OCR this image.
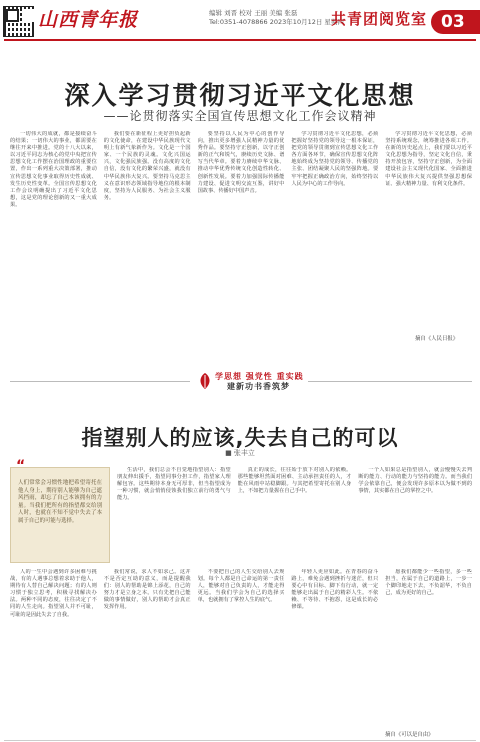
山西青年报	编辑 刘晋 校对 王丽 美编 张磊
Tel:0351-4078866 2023年10月12日 星期四
共青团阅览室 03
深入学习贯彻习近平文化思想
——论贯彻落实全国宣传思想文化工作会议精神
一切伟大的成就，都是接续奋斗的结果；一切伟大的事业，都需要在继往开来中推进。党的十八大以来，以习近平同志为核心的党中央把宣传思想文化工作摆在治国理政的重要位置，作出一系列重大决策部署，推动宣传思想文化事业取得历史性成就、发生历史性变革。全国宣传思想文化工作会议明确提出了习近平文化思想，这是党的理论创新的又一重大成果。
我们要在新征程上更好担负起新的文化使命，在建设中华民族现代文明上有新气象新作为。文化是一个国家、一个民族的灵魂。文化兴国运兴，文化强民族强。没有高度的文化自信，没有文化的繁荣兴盛，就没有中华民族伟大复兴。要坚持马克思主义在意识形态领域指导地位的根本制度，坚持为人民服务、为社会主义服务。
要坚持以人民为中心的创作导向，推出更多增强人民精神力量的优秀作品。要坚持守正创新，以守正创新的正气和锐气，赓续历史文脉、谱写当代华章。要着力赓续中华文脉、推动中华优秀传统文化创造性转化、创新性发展。要着力加强国际传播能力建设、促进文明交流互鉴，讲好中国故事、传播好中国声音。
学习贯彻习近平文化思想，必须把握好坚持党的领导这一根本保证，把党的领导贯彻到宣传思想文化工作各方面各环节，确保宣传思想文化阵地始终成为坚持党的领导、传播党的主张、团结凝聚人民的坚强阵地。要牢牢把握正确政治方向，始终坚持以人民为中心的工作导向。
学习贯彻习近平文化思想，必须坚持系统观念，统筹推进各项工作。在新的历史起点上，我们要以习近平文化思想为指导，坚定文化自信，秉持开放包容，坚持守正创新，为全面建设社会主义现代化国家、全面推进中华民族伟大复兴提供坚强思想保证、强大精神力量、有利文化条件。
摘自《人民日报》
学思想 强党性 重实践
建新功书香筑梦
指望别人的应该,失去自己的可以
■ 张丰立
人们常常会习惯性地把希望寄托在他人身上，期待别人能够为自己遮风挡雨，却忘了自己本该拥有的力量。当我们把所有的指望都交给别人时，也就在不知不觉中失去了本属于自己的可能与选择。
“	生活中，我们总会不自觉地指望别人：指望朋友伸出援手，指望同事分担工作，指望家人理解包容。这些期待本身无可厚非，但当指望成为一种习惯，就会悄悄侵蚀我们独立前行的勇气与能力。
真正的成长，往往始于放下对别人的依赖。那些能够坦然面对困难、主动承担责任的人，才能在风雨中站稳脚跟。与其把希望寄托在别人身上，不如把力量握在自己手中。
一个人如果总是指望别人，就会慢慢失去判断的能力、行动的能力与坚持的能力。而当我们学会依靠自己，便会发现许多原本以为做不到的事情，其实都在自己的掌控之中。
人的一生中会遇到许多困难与挑战，有的人遇事总想着求助于他人，期待有人替自己解决问题；有的人则习惯于独立思考，积极寻找解决办法。两种不同的态度，往往决定了不同的人生走向。指望别人并不可耻，可耻的是因此失去了自我。
我们常说，求人不如求己。这并不是否定互助的意义，而是提醒我们：别人的帮助是锦上添花，自己的努力才是立身之本。只有先把自己能做的事情做好，别人的帮助才会真正发挥作用。
不要把自己的人生交给别人去规划。每个人都是自己命运的第一责任人，能够对自己负责的人，才能走得更远。当我们学会为自己的选择买单，也就拥有了掌控人生的底气。
年轻人更应如此。在青春的奋斗路上，难免会遇到挫折与迷茫，但只要心中有目标、脚下有行动，就一定能够走出属于自己的精彩人生。不依赖、不等待、不抱怨，这是成长的必修课。
愿我们都能少一些指望，多一些担当，在属于自己的道路上，一步一个脚印地走下去，不负韶华，不负自己，成为更好的自己。
摘自《可以是自由》
